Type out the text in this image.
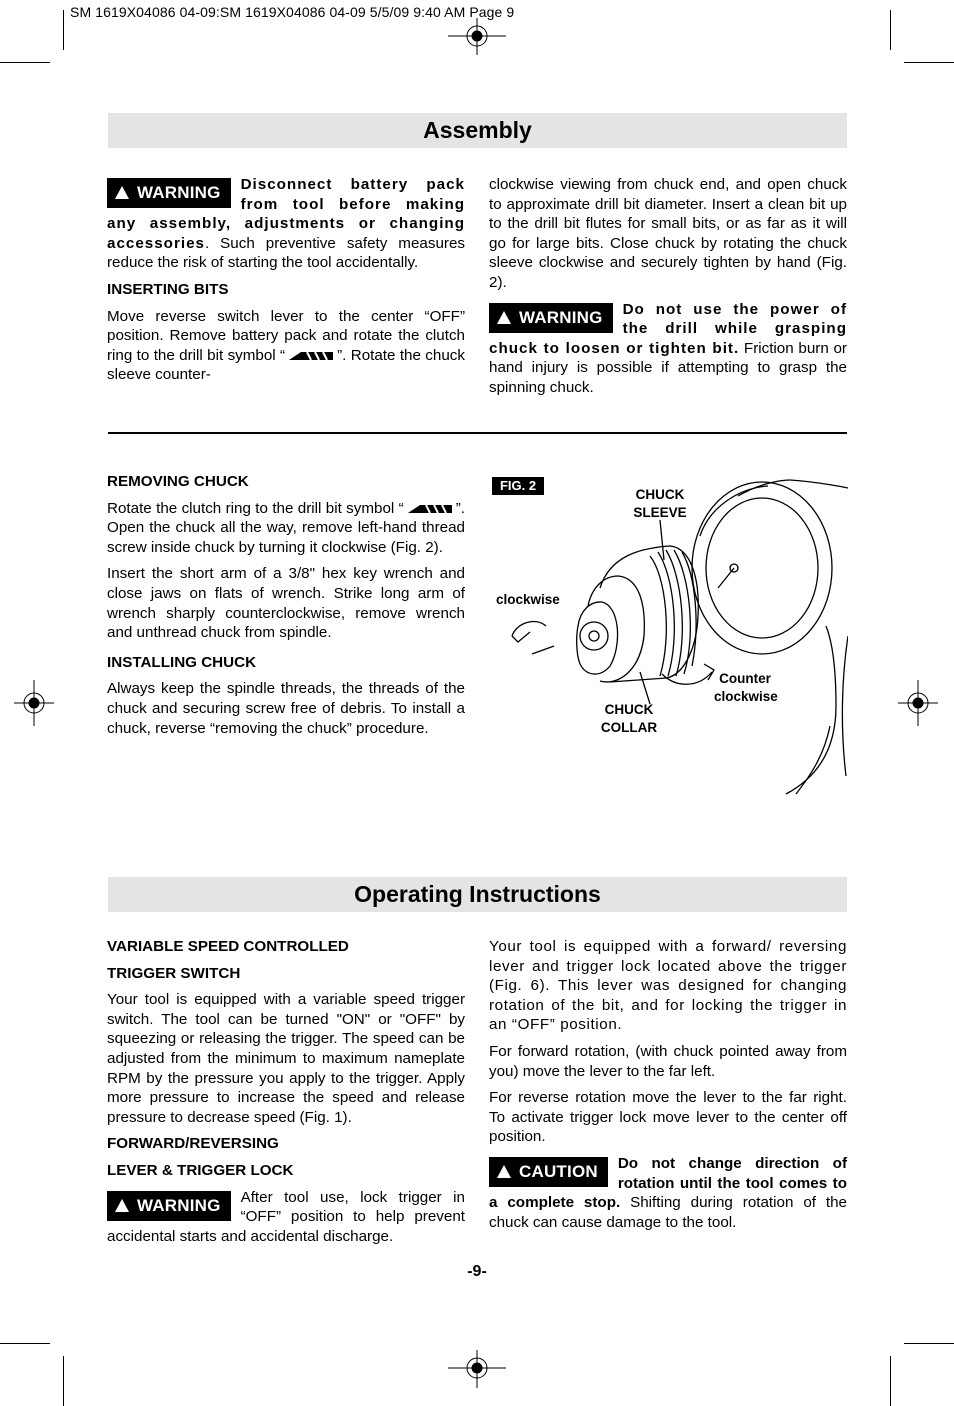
SM 1619X04086 04-09:SM 1619X04086 04-09 5/5/09 9:40 AM Page 9
Assembly

WARNING	Disconnect battery pack from tool before making any assembly, adjustments or changing accessories. Such preventive safety measures reduce the risk of starting the tool accidentally.

INSERTING BITS

Move reverse switch lever to the center “OFF” position. Remove battery pack and rotate the clutch ring to the drill bit symbol “	”. Rotate the chuck sleeve counter-

clockwise viewing from chuck end, and open chuck to approximate drill bit diameter. Insert a clean bit up to the drill bit flutes for small bits, or as far as it will go for large bits. Close chuck by rotating the chuck sleeve clockwise and securely tighten by hand (Fig. 2).

WARNING	Do not use the power of the drill while grasping chuck to loosen or tighten bit. Friction burn or hand injury is possible if attempting to grasp the spinning chuck.

REMOVING CHUCK

Rotate the clutch ring to the drill bit symbol “	”. Open the chuck all the way, remove left-hand thread screw inside chuck by turning it clockwise (Fig. 2).

Insert the short arm of a 3/8" hex key wrench and close jaws on flats of wrench. Strike long arm of wrench sharply counterclockwise, remove wrench and unthread chuck from spindle.

INSTALLING CHUCK

Always keep the spindle threads, the threads of the chuck and securing screw free of debris. To install a chuck, reverse “removing the chuck” procedure.

FIG. 2
CHUCK
SLEEVE
clockwise
CHUCK
COLLAR
Counter
clockwise
Operating Instructions

VARIABLE SPEED CONTROLLED

TRIGGER SWITCH

Your tool is equipped with a variable speed trigger switch. The tool can be turned "ON" or "OFF" by squeezing or releasing the trigger. The speed can be adjusted from the minimum to maximum nameplate RPM by the pressure you apply to the trigger. Apply more pressure to increase the speed and release pressure to decrease speed (Fig. 1).

FORWARD/REVERSING

LEVER & TRIGGER LOCK

WARNING	After tool use, lock trigger in “OFF” position to help prevent accidental starts and accidental discharge.

Your tool is equipped with a forward/ reversing lever and trigger lock located above the trigger (Fig. 6). This lever was designed for changing rotation of the bit, and for locking the trigger in an “OFF” position.

For forward rotation, (with chuck pointed away from you) move the lever to the far left.

For reverse rotation move the lever to the far right. To activate trigger lock move lever to the center off position.

CAUTION	Do not change direction of rotation until the tool comes to a complete stop. Shifting during rotation of the chuck can cause damage to the tool.

-9-
